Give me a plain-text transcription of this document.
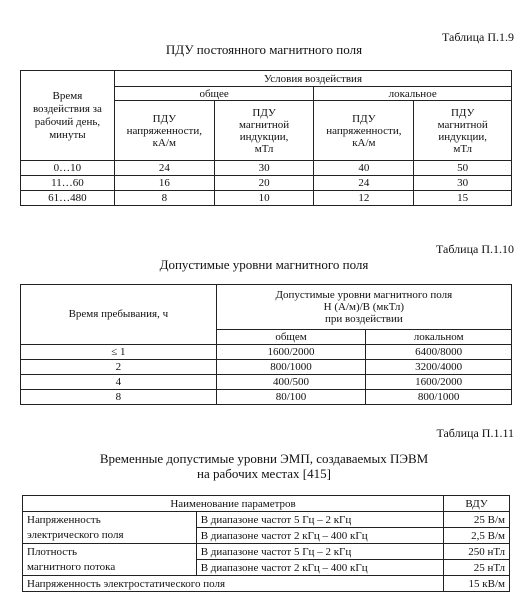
Таблица П.1.9
ПДУ постоянного магнитного поля
Время воздействия за рабочий день, минуты	Условия воздействия			
	общее		локальное	

	ПДУ напряженности, кА/м	ПДУ магнитной индукции, мТл	ПДУ напряженности, кА/м	ПДУ магнитной индукции, мТл

0…10	24	30	40	50
11…60	16	20	24	30
61…480	8	10	12	15
Таблица П.1.10
Допустимые уровни магнитного поля
Время пребывания, ч	Допустимые уровни магнитного поля
Н (А/м)/В (мкТл)
при воздействии	

	общем	локальном
≤ 1	1600/2000	6400/8000
2	800/1000	3200/4000
4	400/500	1600/2000
8	80/100	800/1000
Таблица П.1.11
Временные допустимые уровни ЭМП, создаваемых ПЭВМ
на рабочих местах [415]
Наименование параметров		ВДУ

Напряженность
электрического поля	В диапазоне частот 5 Гц – 2 кГц	25 В/м
	В диапазоне частот 2 кГц – 400 кГц	2,5 В/м

Плотность
магнитного потока	В диапазоне частот 5 Гц – 2 кГц	250 нТл
	В диапазоне частот 2 кГц – 400 кГц	25 нТл
Напряженность электростатического поля		15 кВ/м
